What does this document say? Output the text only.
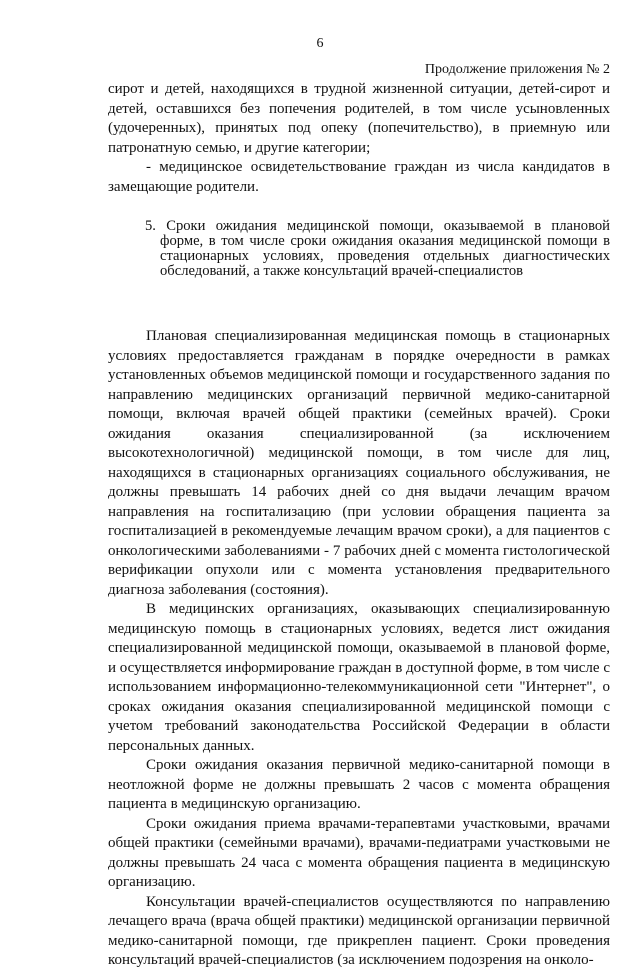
6
Продолжение приложения № 2

сирот и детей, находящихся в трудной жизненной ситуации, детей-сирот и детей, оставшихся без попечения родителей, в том числе усыновленных (удочеренных), принятых под опеку (попечительство), в приемную или патронатную семью, и другие категории;

- медицинское освидетельствование граждан из числа кандидатов в замещающие родители.

5. Сроки ожидания медицинской помощи, оказываемой в плановой форме, в том числе сроки ожидания оказания медицинской помощи в стационарных условиях, проведения отдельных диагностических обследований, а также консультаций врачей-специалистов

Плановая специализированная медицинская помощь в стационарных условиях предоставляется гражданам в порядке очередности в рамках установленных объемов медицинской помощи и государственного задания по направлению медицинских организаций первичной медико-санитарной помощи, включая врачей общей практики (семейных врачей). Сроки ожидания оказания специализированной (за исключением высокотехнологичной) медицинской помощи, в том числе для лиц, находящихся в стационарных организациях социального обслуживания, не должны превышать 14 рабочих дней со дня выдачи лечащим врачом направления на госпитализацию (при условии обращения пациента за госпитализацией в рекомендуемые лечащим врачом сроки), а для пациентов с онкологическими заболеваниями - 7 рабочих дней с момента гистологической верификации опухоли или с момента установления предварительного диагноза заболевания (состояния).

В медицинских организациях, оказывающих специализированную медицинскую помощь в стационарных условиях, ведется лист ожидания специализированной медицинской помощи, оказываемой в плановой форме, и осуществляется информирование граждан в доступной форме, в том числе с использованием информационно-телекоммуникационной сети "Интернет", о сроках ожидания оказания специализированной медицинской помощи с учетом требований законодательства Российской Федерации в области персональных данных.

Сроки ожидания оказания первичной медико-санитарной помощи в неотложной форме не должны превышать 2 часов с момента обращения пациента в медицинскую организацию.

Сроки ожидания приема врачами-терапевтами участковыми, врачами общей практики (семейными врачами), врачами-педиатрами участковыми не должны превышать 24 часа с момента обращения пациента в медицинскую организацию.

Консультации врачей-специалистов осуществляются по направлению лечащего врача (врача общей практики) медицинской организации первичной медико-санитарной помощи, где прикреплен пациент. Сроки проведения консультаций врачей-специалистов (за исключением подозрения на онколо-
